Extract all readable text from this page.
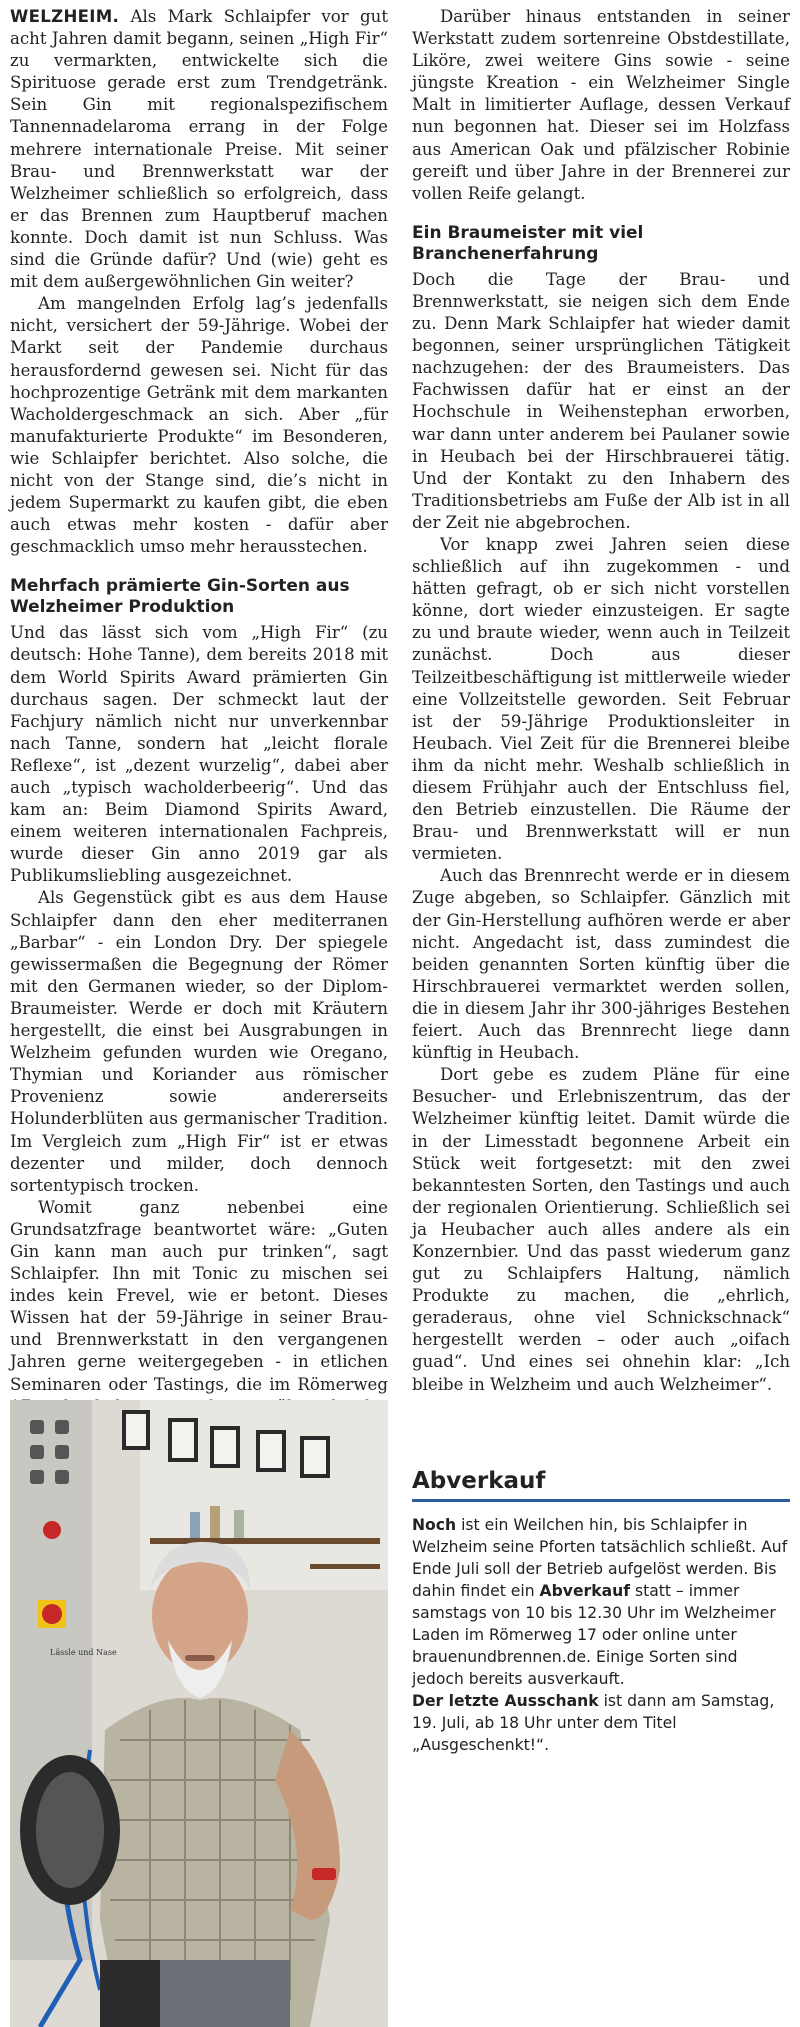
WELZHEIM. Als Mark Schlaipfer vor gut acht Jahren damit begann, seinen „High Fir“ zu vermarkten, entwickelte sich die Spirituose gerade erst zum Trendgetränk. Sein Gin mit regionalspezifischem Tannennadelaroma errang in der Folge mehrere internationale Preise. Mit seiner Brau- und Brennwerkstatt war der Welzheimer schließlich so erfolgreich, dass er das Brennen zum Hauptberuf machen konnte. Doch damit ist nun Schluss. Was sind die Gründe dafür? Und (wie) geht es mit dem außergewöhnlichen Gin weiter?

Am mangelnden Erfolg lag’s jedenfalls nicht, versichert der 59-Jährige. Wobei der Markt seit der Pandemie durchaus herausfordernd gewesen sei. Nicht für das hochprozentige Getränk mit dem markanten Wacholdergeschmack an sich. Aber „für manufakturierte Produkte“ im Besonderen, wie Schlaipfer berichtet. Also solche, die nicht von der Stange sind, die’s nicht in jedem Supermarkt zu kaufen gibt, die eben auch etwas mehr kosten - dafür aber geschmacklich umso mehr herausstechen.

Mehrfach prämierte Gin-Sorten aus Welzheimer Produktion

Und das lässt sich vom „High Fir“ (zu deutsch: Hohe Tanne), dem bereits 2018 mit dem World Spirits Award prämierten Gin durchaus sagen. Der schmeckt laut der Fachjury nämlich nicht nur unverkennbar nach Tanne, sondern hat „leicht florale Reflexe“, ist „dezent wurzelig“, dabei aber auch „typisch wacholderbeerig“. Und das kam an: Beim Diamond Spirits Award, einem weiteren internationalen Fachpreis, wurde dieser Gin anno 2019 gar als Publikumsliebling ausgezeichnet.

Als Gegenstück gibt es aus dem Hause Schlaipfer dann den eher mediterranen „Barbar“ - ein London Dry. Der spiegele gewissermaßen die Begegnung der Römer mit den Germanen wieder, so der Diplom-Braumeister. Werde er doch mit Kräutern hergestellt, die einst bei Ausgrabungen in Welzheim gefunden wurden wie Oregano, Thymian und Koriander aus römischer Provenienz sowie andererseits Holunderblüten aus germanischer Tradition. Im Vergleich zum „High Fir“ ist er etwas dezenter und milder, doch dennoch sortentypisch trocken.

Womit ganz nebenbei eine Grundsatzfrage beantwortet wäre: „Guten Gin kann man auch pur trinken“, sagt Schlaipfer. Ihn mit Tonic zu mischen sei indes kein Frevel, wie er betont. Dieses Wissen hat der 59-Jährige in seiner Brau- und Brennwerkstatt in den vergangenen Jahren gerne weitergegeben - in etlichen Seminaren oder Tastings, die im Römerweg

Darüber hinaus entstanden in seiner Werkstatt zudem sortenreine Obstdestillate, Liköre, zwei weitere Gins sowie - seine jüngste Kreation - ein Welzheimer Single Malt in limitierter Auflage, dessen Verkauf nun begonnen hat. Dieser sei im Holzfass aus American Oak und pfälzischer Robinie gereift und über Jahre in der Brennerei zur vollen Reife gelangt.

Ein Braumeister mit viel Branchenerfahrung

Doch die Tage der Brau- und Brennwerkstatt, sie neigen sich dem Ende zu. Denn Mark Schlaipfer hat wieder damit begonnen, seiner ursprünglichen Tätigkeit nachzugehen: der des Braumeisters. Das Fachwissen dafür hat er einst an der Hochschule in Weihenstephan erworben, war dann unter anderem bei Paulaner sowie in Heubach bei der Hirschbrauerei tätig. Und der Kontakt zu den Inhabern des Traditionsbetriebs am Fuße der Alb ist in all der Zeit nie abgebrochen.

Vor knapp zwei Jahren seien diese schließlich auf ihn zugekommen - und hätten gefragt, ob er sich nicht vorstellen könne, dort wieder einzusteigen. Er sagte zu und braute wieder, wenn auch in Teilzeit zunächst. Doch aus dieser Teilzeitbeschäftigung ist mittlerweile wieder eine Vollzeitstelle geworden. Seit Februar ist der 59-Jährige Produktionsleiter in Heubach. Viel Zeit für die Brennerei bleibe ihm da nicht mehr. Weshalb schließlich in diesem Frühjahr auch der Entschluss fiel, den Betrieb einzustellen. Die Räume der Brau- und Brennwerkstatt will er nun vermieten.

Auch das Brennrecht werde er in diesem Zuge abgeben, so Schlaipfer. Gänzlich mit der Gin-Herstellung aufhören werde er aber nicht. Angedacht ist, dass zumindest die beiden genannten Sorten künftig über die Hirschbrauerei vermarktet werden sollen, die in diesem Jahr ihr 300-jähriges Bestehen feiert. Auch das Brennrecht liege dann künftig in Heubach.

Dort gebe es zudem Pläne für eine Besucher- und Erlebniszentrum, das der Welzheimer künftig leitet. Damit würde die in der Limesstadt begonnene Arbeit ein Stück weit fortgesetzt: mit den zwei bekanntesten Sorten, den Tastings und auch der regionalen Orientierung. Schließlich sei ja Heubacher auch alles andere als ein Konzernbier. Und das passt wiederum ganz gut zu Schlaipfers Haltung, nämlich Produkte zu machen, die „ehrlich, geraderaus, ohne viel Schnickschnack“ hergestellt werden – oder auch „oifach guad“. Und eines sei ohnehin klar: „Ich bleibe in Welzheim und auch Welzheimer“.

Lässle und Nase
Abverkauf
Noch ist ein Weilchen hin, bis Schlaipfer in Welzheim seine Pforten tatsächlich schließt. Auf Ende Juli soll der Betrieb aufgelöst werden. Bis dahin findet ein Abverkauf statt – immer samstags von 10 bis 12.30 Uhr im Welzheimer Laden im Römerweg 17 oder online unter brauenundbrennen.de. Einige Sorten sind jedoch bereits ausverkauft.
Der letzte Ausschank ist dann am Samstag, 19. Juli, ab 18 Uhr unter dem Titel „Ausgeschenkt!“.
